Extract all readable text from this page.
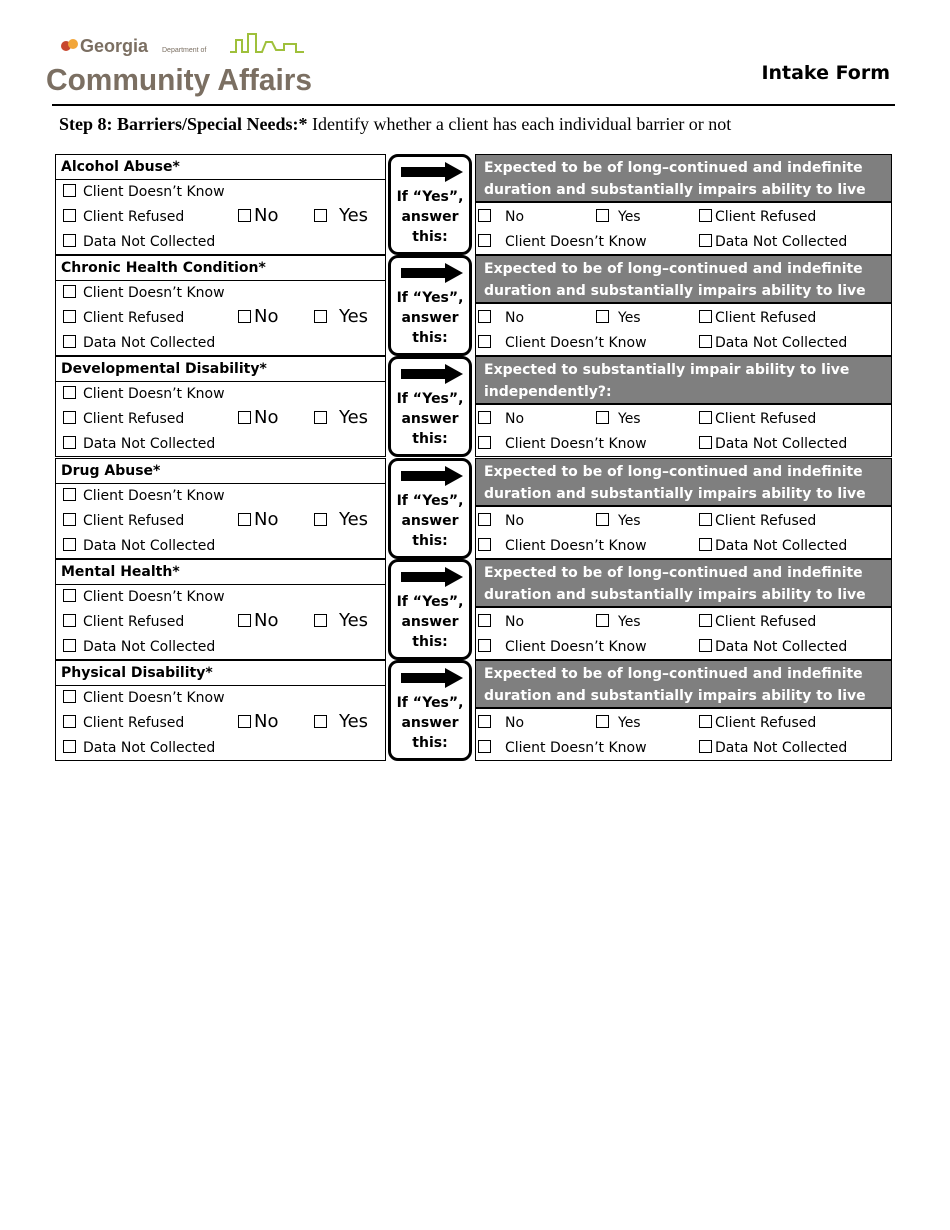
Georgia Department of
Community Affairs	Intake Form
Step 8: Barriers/Special Needs:* Identify whether a client has each individual barrier or not
Alcohol Abuse*
Client Doesn’t Know
Client Refused	No	Yes
Data Not Collected
If “Yes”, answer this:
Expected to be of long–continued and indefinite duration and substantially impairs ability to live
No	Yes	Client Refused
Client Doesn’t Know	Data Not Collected
Chronic Health Condition*
Client Doesn’t Know
Client Refused	No	Yes
Data Not Collected
If “Yes”, answer this:
Expected to be of long–continued and indefinite duration and substantially impairs ability to live
No	Yes	Client Refused
Client Doesn’t Know	Data Not Collected
Developmental Disability*
Client Doesn’t Know
Client Refused	No	Yes
Data Not Collected
If “Yes”, answer this:
Expected to substantially impair ability to live independently?:
No	Yes	Client Refused
Client Doesn’t Know	Data Not Collected
Drug Abuse*
Client Doesn’t Know
Client Refused	No	Yes
Data Not Collected
If “Yes”, answer this:
Expected to be of long–continued and indefinite duration and substantially impairs ability to live
No	Yes	Client Refused
Client Doesn’t Know	Data Not Collected
Mental Health*
Client Doesn’t Know
Client Refused	No	Yes
Data Not Collected
If “Yes”, answer this:
Expected to be of long–continued and indefinite duration and substantially impairs ability to live
No	Yes	Client Refused
Client Doesn’t Know	Data Not Collected
Physical Disability*
Client Doesn’t Know
Client Refused	No	Yes
Data Not Collected
If “Yes”, answer this:
Expected to be of long–continued and indefinite duration and substantially impairs ability to live
No	Yes	Client Refused
Client Doesn’t Know	Data Not Collected
